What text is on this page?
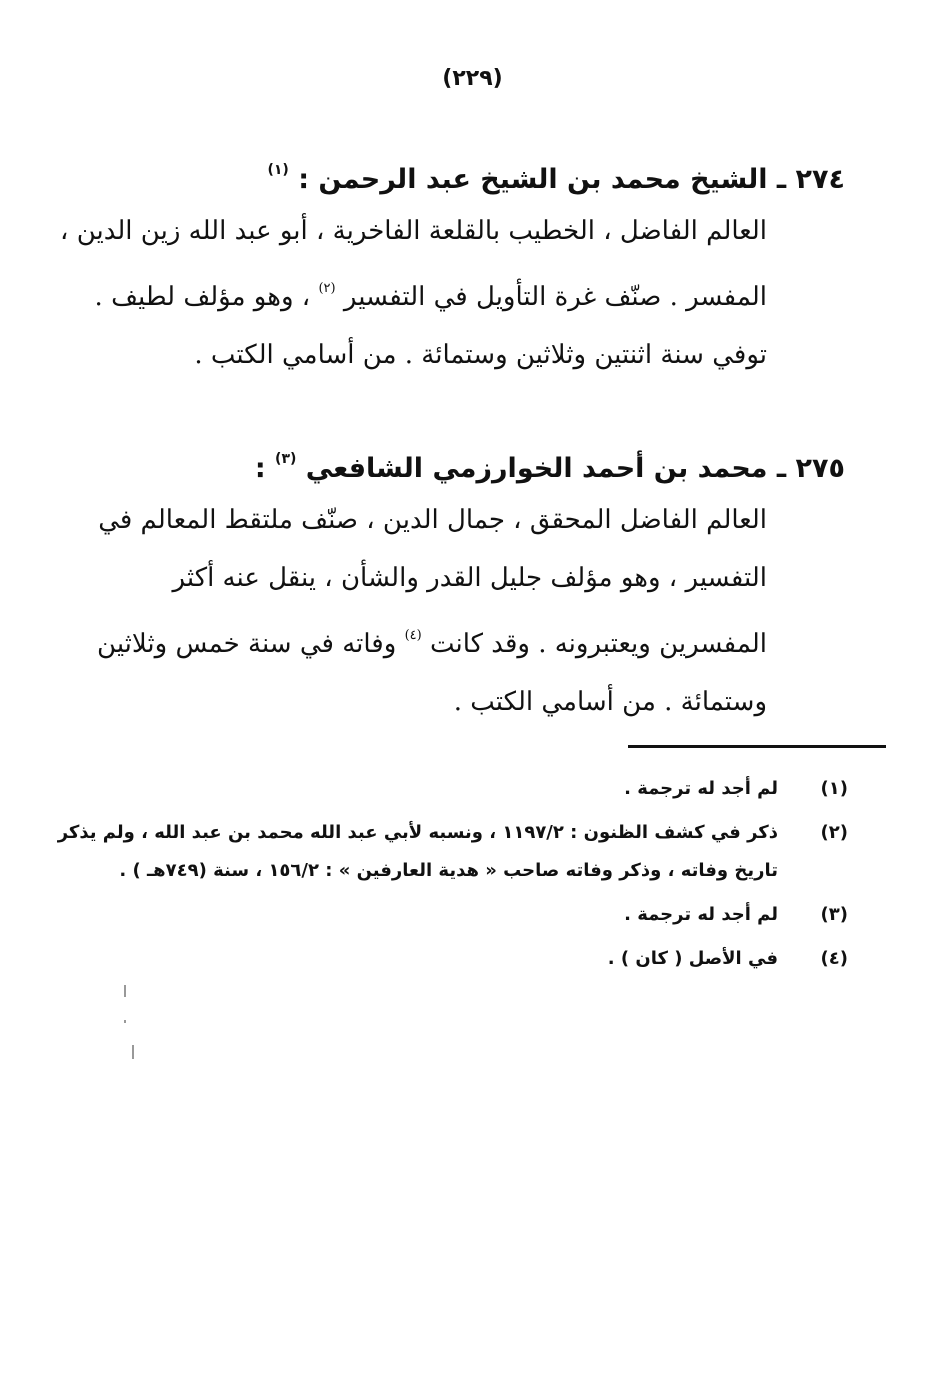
(٢٢٩)
٢٧٤ ـ الشيخ محمد بن الشيخ عبد الرحمن : $^{(١)}$
العالم الفاضل ، الخطيب بالقلعة الفاخرية ، أبو عبد الله زين الدين ،
المفسر . صنّف غرة التأويل في التفسير $^{(٢)}$ ، وهو مؤلف لطيف .
توفي سنة اثنتين وثلاثين وستمائة . من أسامي الكتب .
٢٧٥ ـ محمد بن أحمد الخوارزمي الشافعي $^{(٣)}$ :
العالم الفاضل المحقق ، جمال الدين ، صنّف ملتقط المعالم في
التفسير ، وهو مؤلف جليل القدر والشأن ، ينقل عنه أكثر
المفسرين ويعتبرونه . وقد كانت $^{(٤)}$ وفاته في سنة خمس وثلاثين
وستمائة . من أسامي الكتب .
(١)
لم أجد له ترجمة .
(٢)
ذكر في كشف الظنون : ١١٩٧/٢ ، ونسبه لأبي عبد الله محمد بن عبد الله ، ولم يذكر
تاريخ وفاته ، وذكر وفاته صاحب « هدية العارفين » : ١٥٦/٢ ، سنة (٧٤٩هـ ) .
(٣)
لم أجد له ترجمة .
(٤)
في الأصل ( كان ) .
